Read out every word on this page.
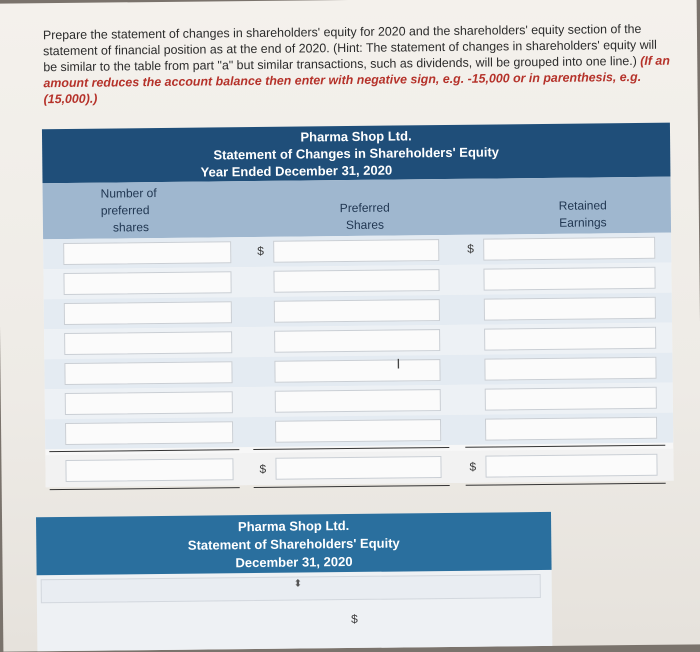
Prepare the statement of changes in shareholders' equity for 2020 and the shareholders' equity section of the statement of financial position as at the end of 2020. (Hint: The statement of changes in shareholders' equity will be similar to the table from part "a" but similar transactions, such as dividends, will be grouped into one line.) (If an amount reduces the account balance then enter with negative sign, e.g. -15,000 or in parenthesis, e.g. (15,000).)
Pharma Shop Ltd.
Statement of Changes in Shareholders' Equity
Year Ended December 31, 2020
Number of
preferred
shares
Preferred
Shares
Retained
Earnings
$	$
$	$
I
Pharma Shop Ltd.
Statement of Shareholders' Equity
December 31, 2020
⬍
$
